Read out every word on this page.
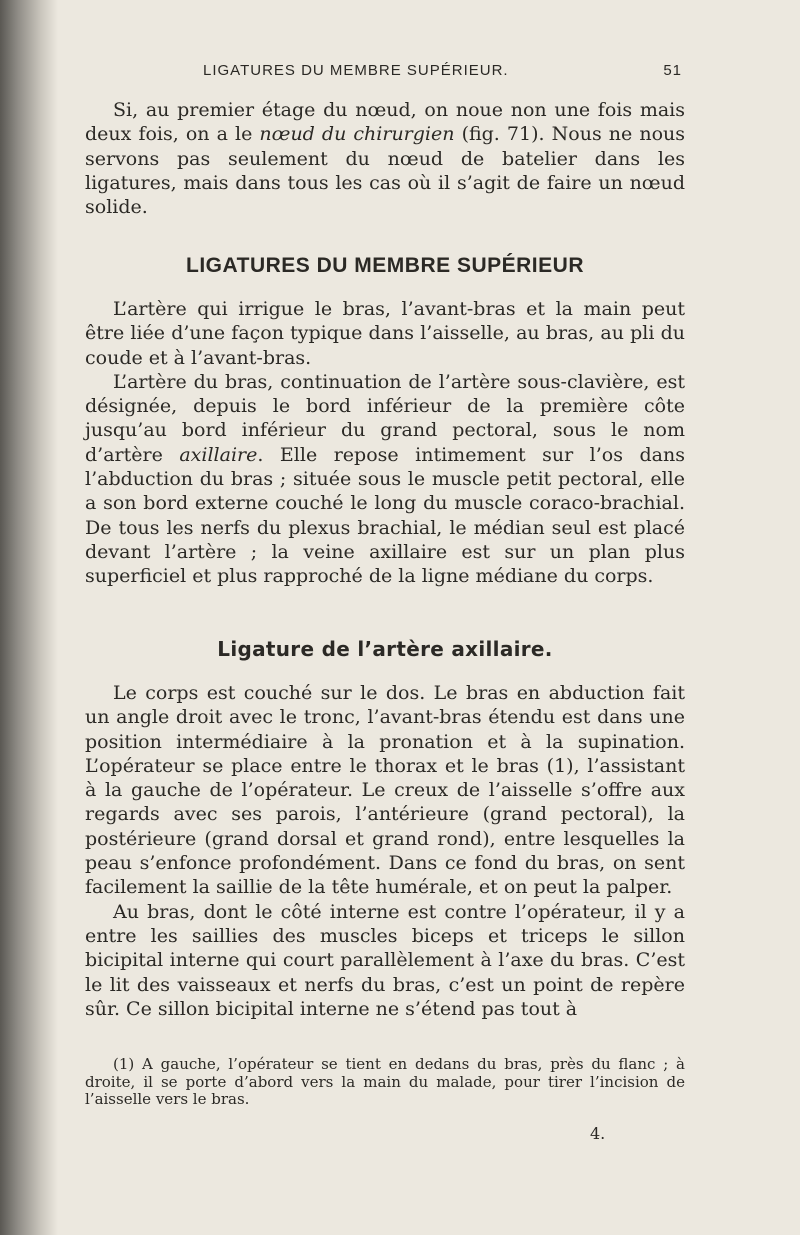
LIGATURES DU MEMBRE SUPÉRIEUR.	51

Si, au premier étage du nœud, on noue non une fois mais deux fois, on a le nœud du chirurgien (fig. 71). Nous ne nous servons pas seulement du nœud de batelier dans les ligatures, mais dans tous les cas où il s’agit de faire un nœud solide.

LIGATURES DU MEMBRE SUPÉRIEUR

L’artère qui irrigue le bras, l’avant-bras et la main peut être liée d’une façon typique dans l’aisselle, au bras, au pli du coude et à l’avant-bras.

L’artère du bras, continuation de l’artère sous-clavière, est désignée, depuis le bord inférieur de la première côte jusqu’au bord inférieur du grand pectoral, sous le nom d’artère axillaire. Elle repose intimement sur l’os dans l’abduction du bras ; située sous le muscle petit pectoral, elle a son bord externe couché le long du muscle coraco-brachial. De tous les nerfs du plexus brachial, le médian seul est placé devant l’artère ; la veine axillaire est sur un plan plus superficiel et plus rapproché de la ligne médiane du corps.

Ligature de l’artère axillaire.

Le corps est couché sur le dos. Le bras en abduction fait un angle droit avec le tronc, l’avant-bras étendu est dans une position intermédiaire à la pronation et à la supination. L’opérateur se place entre le thorax et le bras (1), l’assistant à la gauche de l’opérateur. Le creux de l’aisselle s’offre aux regards avec ses parois, l’antérieure (grand pectoral), la postérieure (grand dorsal et grand rond), entre lesquelles la peau s’enfonce profondément. Dans ce fond du bras, on sent facilement la saillie de la tête humérale, et on peut la palper.

Au bras, dont le côté interne est contre l’opérateur, il y a entre les saillies des muscles biceps et triceps le sillon bicipital interne qui court parallèlement à l’axe du bras. C’est le lit des vaisseaux et nerfs du bras, c’est un point de repère sûr. Ce sillon bicipital interne ne s’étend pas tout à

(1) A gauche, l’opérateur se tient en dedans du bras, près du flanc ; à droite, il se porte d’abord vers la main du malade, pour tirer l’incision de l’aisselle vers le bras.

4.
